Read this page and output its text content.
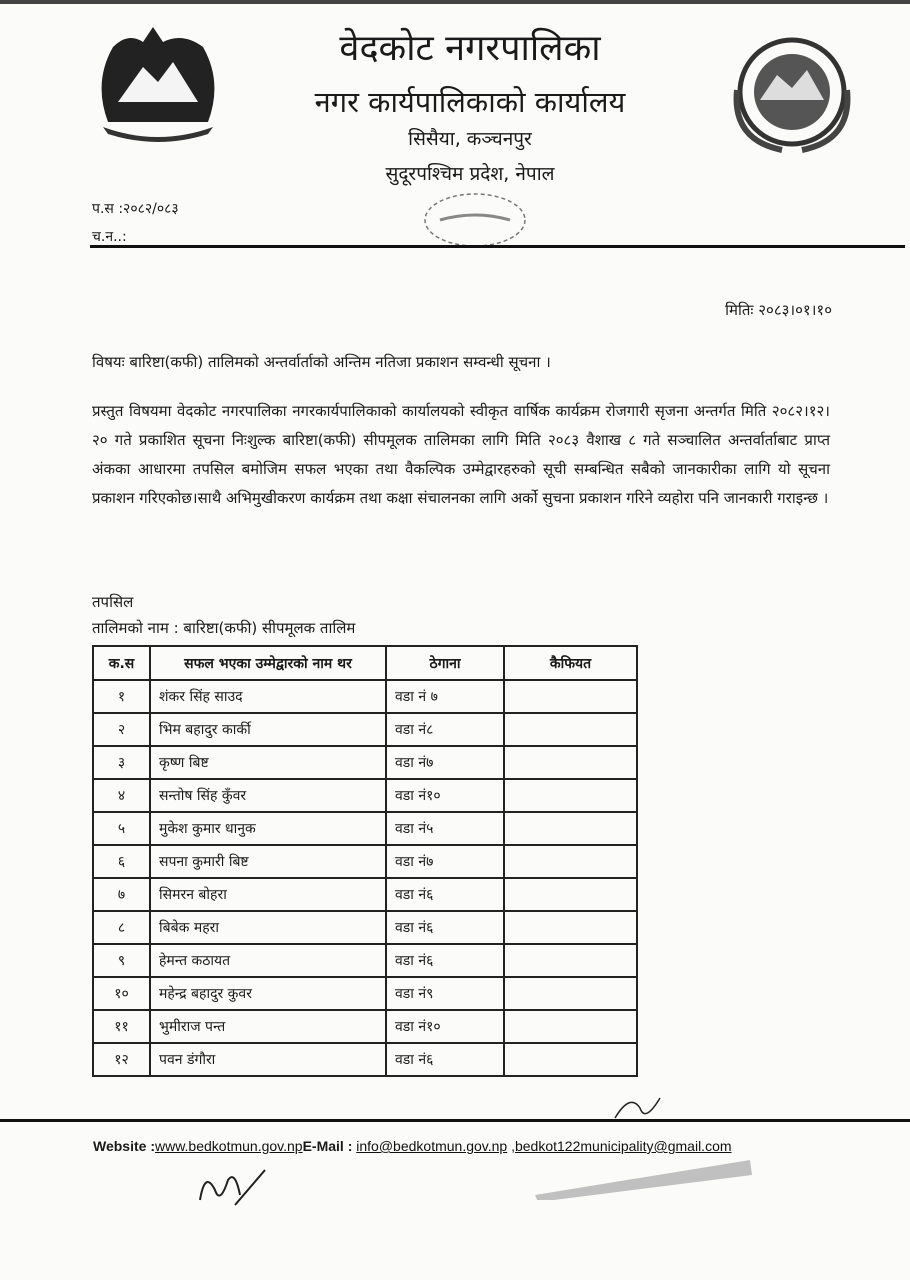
वेदकोट नगरपालिका
नगर कार्यपालिकाको कार्यालय
सिसैया, कञ्चनपुर
सुदूरपश्चिम प्रदेश, नेपाल
प.स :२०८२/०८३
च.न..:
मितिः २०८३।०१।१०
विषयः बारिष्टा(कफी) तालिमको अन्तर्वार्ताको अन्तिम नतिजा प्रकाशन सम्वन्धी सूचना ।
प्रस्तुत विषयमा वेदकोट नगरपालिका नगरकार्यपालिकाको कार्यालयको स्वीकृत वार्षिक कार्यक्रम रोजगारी सृजना अन्तर्गत मिति २०८२।१२।२० गते प्रकाशित सूचना निःशुल्क बारिष्टा(कफी) सीपमूलक तालिमका लागि मिति २०८३ वैशाख ८ गते सञ्चालित अन्तर्वार्ताबाट प्राप्त अंकका आधारमा तपसिल बमोजिम सफल भएका तथा वैकल्पिक उम्मेद्वारहरुको सूची सम्बन्धित सबैको जानकारीका लागि यो सूचना प्रकाशन गरिएकोछ।साथै अभिमुखीकरण कार्यक्रम तथा कक्षा संचालनका लागि अर्को सुचना प्रकाशन गरिने व्यहोरा पनि जानकारी गराइन्छ ।
तपसिल
तालिमको नाम : बारिष्टा(कफी) सीपमूलक तालिम
क.स	सफल भएका उम्मेद्वारको नाम थर	ठेगाना	कैफियत
१	शंकर सिंह साउद	वडा नं ७	
२	भिम बहादुर कार्की	वडा नं८	
३	कृष्ण बिष्ट	वडा नं७	
४	सन्तोष सिंह कुँवर	वडा नं१०	
५	मुकेश कुमार धानुक	वडा नं५	
६	सपना कुमारी बिष्ट	वडा नं७	
७	सिमरन बोहरा	वडा नं६	
८	बिबेक महरा	वडा नं६	
९	हेमन्त कठायत	वडा नं६	
१०	महेन्द्र बहादुर कुवर	वडा नं९	
११	भुमीराज पन्त	वडा नं१०	
१२	पवन डंगौरा	वडा नं६	
Website :www.bedkotmun.gov.npE-Mail : info@bedkotmun.gov.np ,bedkot122municipality@gmail.com
